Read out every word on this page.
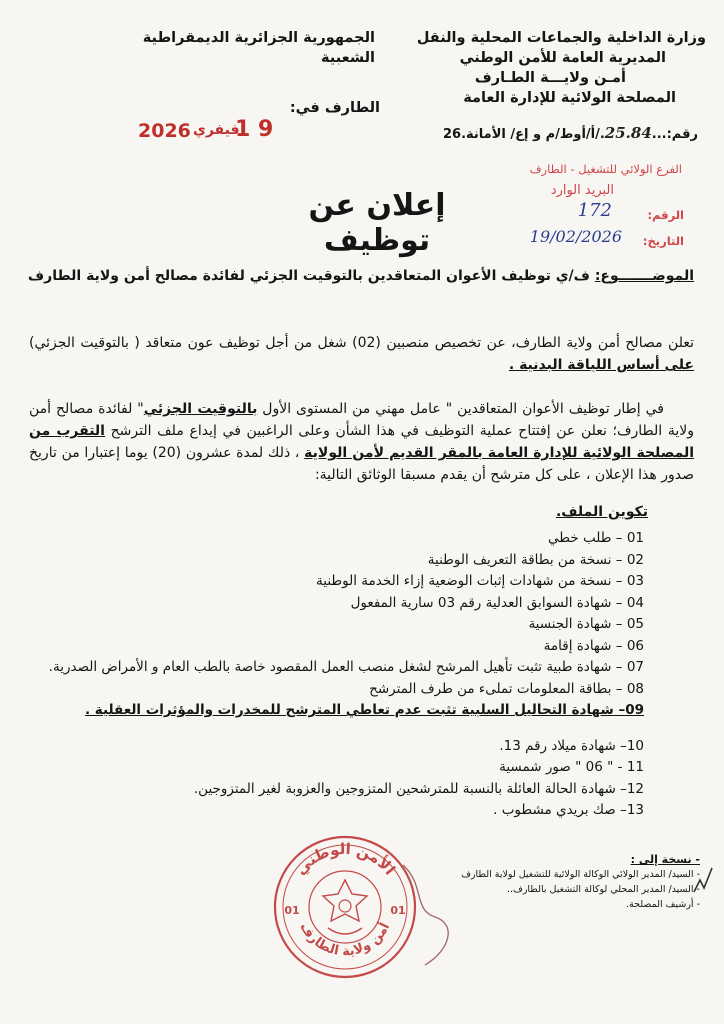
وزارة الداخلية والجماعات المحلية والنقل
المديرية العامة للأمن الوطني
أمـن ولايـــة الطـارف
المصلحة الولائية للإدارة العامة
الجمهورية الجزائرية الديمقراطية الشعبية
الطارف في:
2026 فيفري
1 9	رقم:...25.84./أ/أوط/م و إع/ الأمانة.26
الفرع الولائي للتشغيل - الطارف
البريد الوارد
الرقم:
172
التاريخ:
19/02/2026
إعلان عن توظيف
الموضـــــــوع: ف/ي توظيف الأعوان المتعاقدين بالتوقيت الجزئي لفائدة مصالح أمن ولاية الطارف
تعلن مصالح أمن ولاية الطارف، عن تخصيص منصبين (02) شغل من أجل توظيف عون متعاقد ( بالتوقيت الجزئي) على أساس اللياقة البدنية .
في إطار توظيف الأعوان المتعاقدين " عامل مهني من المستوى الأول بالتوقيت الجزئي" لفائدة مصالح أمن ولاية الطارف؛ نعلن عن إفتتاح عملية التوظيف في هذا الشأن وعلى الراغبين في إيداع ملف الترشح التقرب من المصلحة الولائية للإدارة العامة بالمقر القديم لأمن الولاية ، ذلك لمدة عشرون (20) يوما إعتبارا من تاريخ صدور هذا الإعلان ، على كل مترشح أن يقدم مسبقا الوثائق التالية:
تكوين الملف.
01 – طلب خطي
02 – نسخة من بطاقة التعريف الوطنية
03 – نسخة من شهادات إثبات الوضعية إزاء الخدمة الوطنية
04 – شهادة السوابق العدلية رقم 03 سارية المفعول
05 – شهادة الجنسية
06 – شهادة إقامة
07 – شهادة طبية تثبت تأهيل المرشح لشغل منصب العمل المقصود خاصة بالطب العام و الأمراض الصدرية.
08 – بطاقة المعلومات تملىء من طرف المترشح
09– شهادة التحاليل السلبية تثبت عدم تعاطي المترشح للمخدرات والمؤثرات العقلية .
10– شهادة ميلاد رقم 13.
11 - " 06 " صور شمسية
12– شهادة الحالة العائلة بالنسبة للمترشحين المتزوجين والعزوبة لغير المتزوجين.
13– صك بريدي مشطوب .
- نسخة إلى :
- السيد/ المدير الولائي الوكالة الولائية للتشغيل لولاية الطارف
- السيد/ المدير المحلي لوكالة التشغيل بالطارف..
- أرشيف المصلحة.
الأمن الوطني
أمن ولاية الطارف
01	01
